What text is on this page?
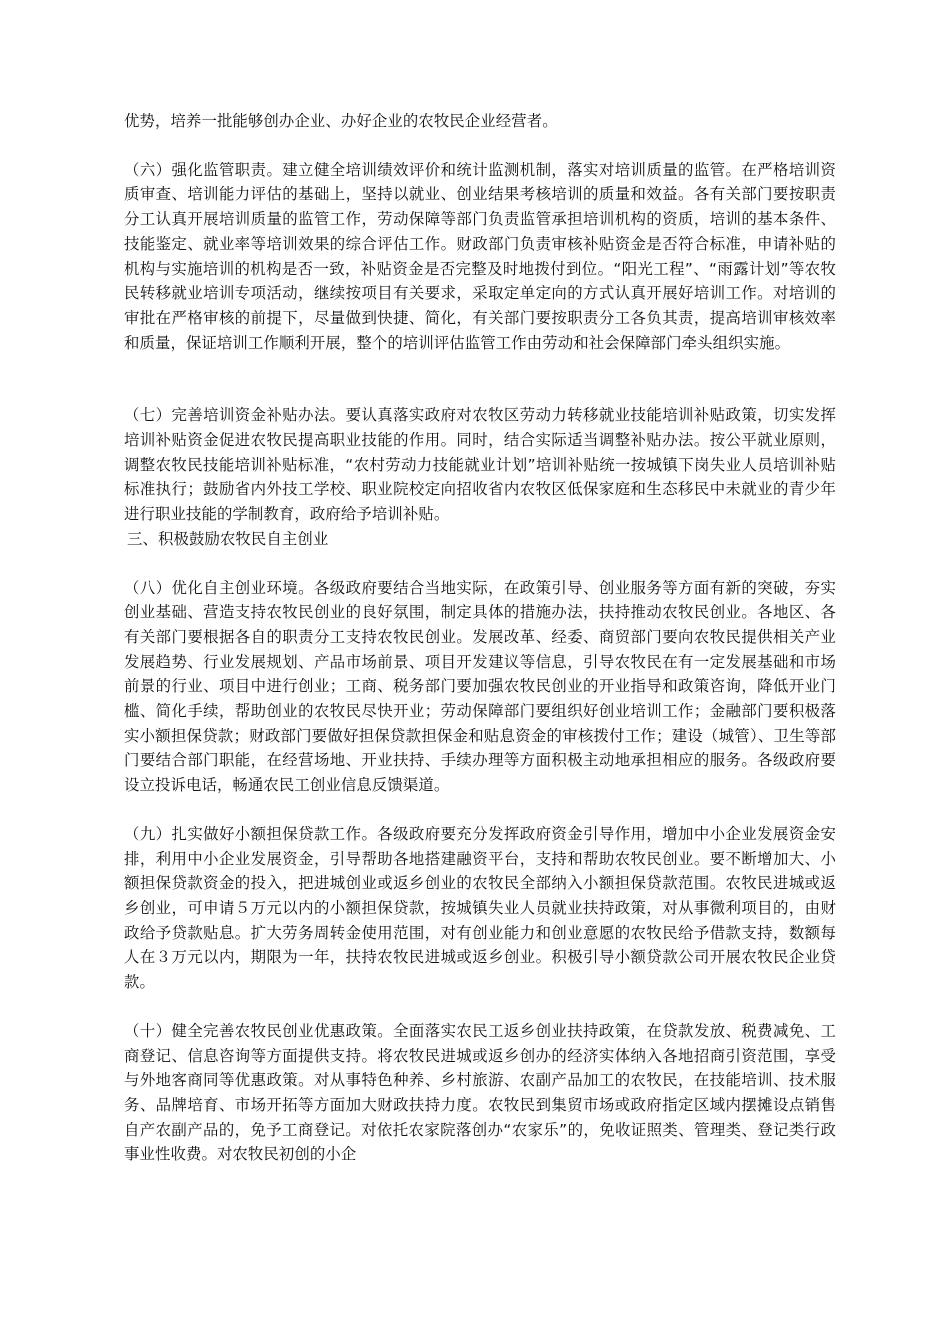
优势，培养一批能够创办企业、办好企业的农牧民企业经营者。

（六）强化监管职责。建立健全培训绩效评价和统计监测机制，落实对培训质量的监管。在严格培训资质审查、培训能力评估的基础上，坚持以就业、创业结果考核培训的质量和效益。各有关部门要按职责分工认真开展培训质量的监管工作，劳动保障等部门负责监管承担培训机构的资质，培训的基本条件、技能鉴定、就业率等培训效果的综合评估工作。财政部门负责审核补贴资金是否符合标准，申请补贴的机构与实施培训的机构是否一致，补贴资金是否完整及时地拨付到位。“阳光工程”、“雨露计划”等农牧民转移就业培训专项活动，继续按项目有关要求，采取定单定向的方式认真开展好培训工作。对培训的审批在严格审核的前提下，尽量做到快捷、简化，有关部门要按职责分工各负其责，提高培训审核效率和质量，保证培训工作顺利开展，整个的培训评估监管工作由劳动和社会保障部门牵头组织实施。

（七）完善培训资金补贴办法。要认真落实政府对农牧区劳动力转移就业技能培训补贴政策，切实发挥培训补贴资金促进农牧民提高职业技能的作用。同时，结合实际适当调整补贴办法。按公平就业原则，调整农牧民技能培训补贴标准，“农村劳动力技能就业计划”培训补贴统一按城镇下岗失业人员培训补贴标准执行；鼓励省内外技工学校、职业院校定向招收省内农牧区低保家庭和生态移民中未就业的青少年进行职业技能的学制教育，政府给予培训补贴。

三、积极鼓励农牧民自主创业

（八）优化自主创业环境。各级政府要结合当地实际，在政策引导、创业服务等方面有新的突破，夯实创业基础、营造支持农牧民创业的良好氛围，制定具体的措施办法，扶持推动农牧民创业。各地区、各有关部门要根据各自的职责分工支持农牧民创业。发展改革、经委、商贸部门要向农牧民提供相关产业发展趋势、行业发展规划、产品市场前景、项目开发建议等信息，引导农牧民在有一定发展基础和市场前景的行业、项目中进行创业；工商、税务部门要加强农牧民创业的开业指导和政策咨询，降低开业门槛、简化手续，帮助创业的农牧民尽快开业；劳动保障部门要组织好创业培训工作；金融部门要积极落实小额担保贷款；财政部门要做好担保贷款担保金和贴息资金的审核拨付工作；建设（城管）、卫生等部门要结合部门职能，在经营场地、开业扶持、手续办理等方面积极主动地承担相应的服务。各级政府要设立投诉电话，畅通农民工创业信息反馈渠道。

（九）扎实做好小额担保贷款工作。各级政府要充分发挥政府资金引导作用，增加中小企业发展资金安排，利用中小企业发展资金，引导帮助各地搭建融资平台，支持和帮助农牧民创业。要不断增加大、小额担保贷款资金的投入，把进城创业或返乡创业的农牧民全部纳入小额担保贷款范围。农牧民进城或返乡创业，可申请５万元以内的小额担保贷款，按城镇失业人员就业扶持政策，对从事微利项目的，由财政给予贷款贴息。扩大劳务周转金使用范围，对有创业能力和创业意愿的农牧民给予借款支持，数额每人在３万元以内，期限为一年，扶持农牧民进城或返乡创业。积极引导小额贷款公司开展农牧民企业贷款。

（十）健全完善农牧民创业优惠政策。全面落实农民工返乡创业扶持政策，在贷款发放、税费减免、工商登记、信息咨询等方面提供支持。将农牧民进城或返乡创办的经济实体纳入各地招商引资范围，享受与外地客商同等优惠政策。对从事特色种养、乡村旅游、农副产品加工的农牧民，在技能培训、技术服务、品牌培育、市场开拓等方面加大财政扶持力度。农牧民到集贸市场或政府指定区域内摆摊设点销售自产农副产品的，免予工商登记。对依托农家院落创办“农家乐”的，免收证照类、管理类、登记类行政事业性收费。对农牧民初创的小企
